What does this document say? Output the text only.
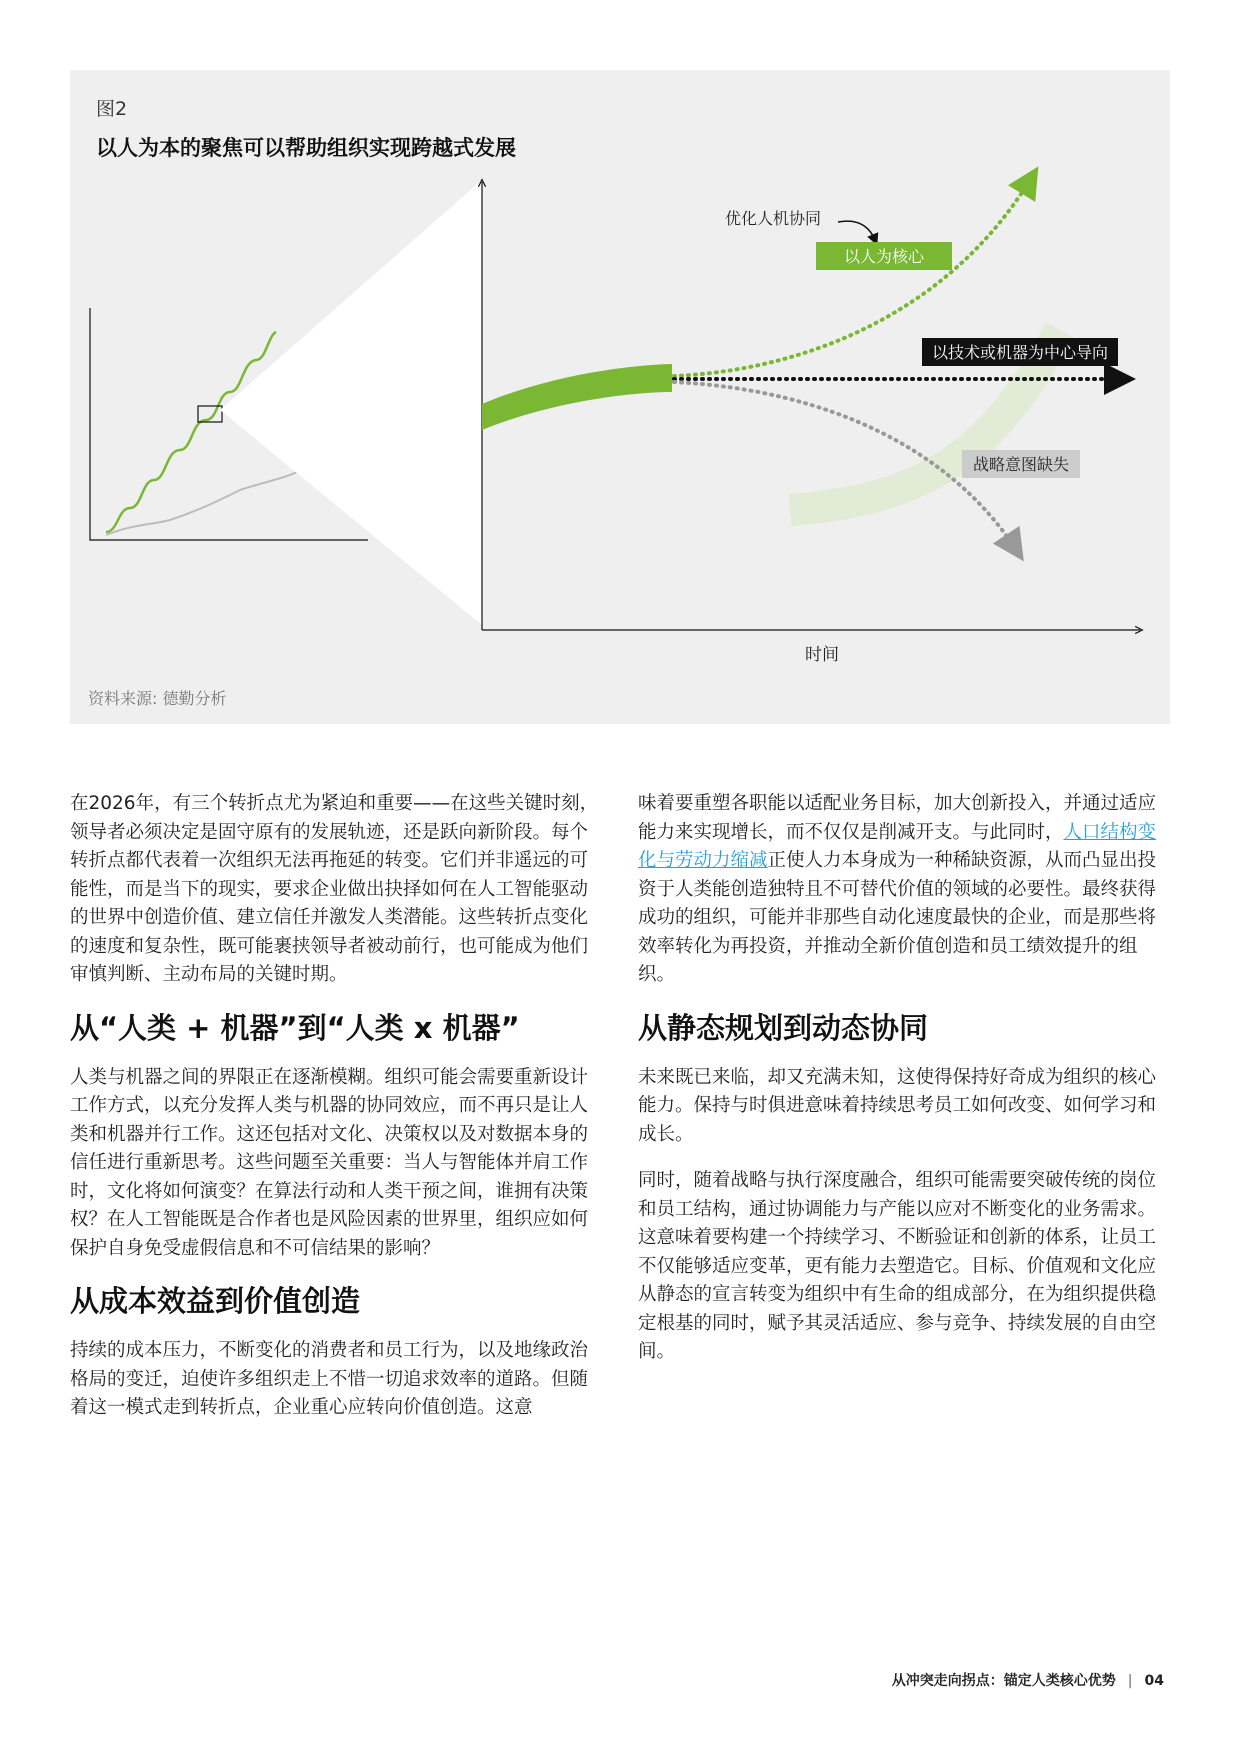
优化人机协同
以人为核心
以技术或机器为中心导向
战略意图缺失
时间
图2
以人为本的聚焦可以帮助组织实现跨越式发展
资料来源: 德勤分析

在2026年，有三个转折点尤为紧迫和重要——在这些关键时刻，领导者必须决定是固守原有的发展轨迹，还是跃向新阶段。每个转折点都代表着一次组织无法再拖延的转变。它们并非遥远的可能性，而是当下的现实，要求企业做出抉择如何在人工智能驱动的世界中创造价值、建立信任并激发人类潜能。这些转折点变化的速度和复杂性，既可能裹挟领导者被动前行，也可能成为他们审慎判断、主动布局的关键时期。

从“人类 + 机器”到“人类 x 机器”

人类与机器之间的界限正在逐渐模糊。组织可能会需要重新设计工作方式，以充分发挥人类与机器的协同效应，而不再只是让人类和机器并行工作。这还包括对文化、决策权以及对数据本身的信任进行重新思考。这些问题至关重要：当人与智能体并肩工作时，文化将如何演变？在算法行动和人类干预之间，谁拥有决策权？在人工智能既是合作者也是风险因素的世界里，组织应如何保护自身免受虚假信息和不可信结果的影响？

从成本效益到价值创造

持续的成本压力，不断变化的消费者和员工行为，以及地缘政治格局的变迁，迫使许多组织走上不惜一切追求效率的道路。但随着这一模式走到转折点，企业重心应转向价值创造。这意

味着要重塑各职能以适配业务目标，加大创新投入，并通过适应能力来实现增长，而不仅仅是削减开支。与此同时，人口结构变化与劳动力缩减正使人力本身成为一种稀缺资源，从而凸显出投资于人类能创造独特且不可替代价值的领域的必要性。最终获得成功的组织，可能并非那些自动化速度最快的企业，而是那些将效率转化为再投资，并推动全新价值创造和员工绩效提升的组织。

从静态规划到动态协同

未来既已来临，却又充满未知，这使得保持好奇成为组织的核心能力。保持与时俱进意味着持续思考员工如何改变、如何学习和成长。

同时，随着战略与执行深度融合，组织可能需要突破传统的岗位和员工结构，通过协调能力与产能以应对不断变化的业务需求。这意味着要构建一个持续学习、不断验证和创新的体系，让员工不仅能够适应变革，更有能力去塑造它。目标、价值观和文化应从静态的宣言转变为组织中有生命的组成部分，在为组织提供稳定根基的同时，赋予其灵活适应、参与竞争、持续发展的自由空间。

从冲突走向拐点：锚定人类核心优势 | 04
